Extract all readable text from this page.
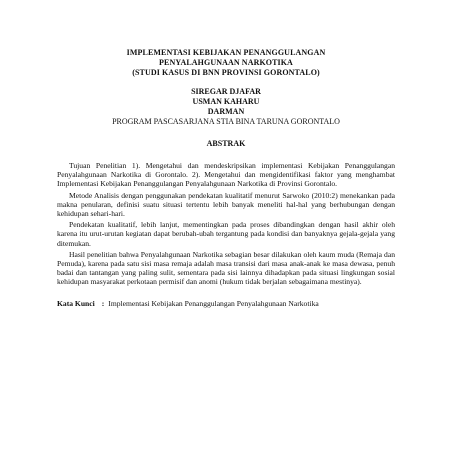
IMPLEMENTASI KEBIJAKAN PENANGGULANGAN
PENYALAHGUNAAN NARKOTIKA
(STUDI KASUS DI BNN PROVINSI GORONTALO)
SIREGAR DJAFAR
USMAN KAHARU
DARMAN
PROGRAM PASCASARJANA STIA BINA TARUNA GORONTALO
ABSTRAK

Tujuan Penelitian 1). Mengetahui dan mendeskripsikan implementasi Kebijakan Penanggulangan Penyalahgunaan Narkotika di Gorontalo. 2). Mengetahui dan mengidentifikasi faktor yang menghambat Implementasi Kebijakan Penanggulangan Penyalahgunaan Narkotika di Provinsi Gorontalo.

Metode Analisis dengan penggunakan pendekatan kualitatif menurut Sarwoko (2010:2) menekankan pada makna penularan, definisi suatu situasi tertentu lebih banyak meneliti hal-hal yang berhubungan dengan kehidupan sehari-hari.

Pendekatan kualitatif, lebih lanjut, mementingkan pada proses dibandingkan dengan hasil akhir oleh karena itu urut-urutan kegiatan dapat berubah-ubah tergantung pada kondisi dan banyaknya gejala-gejala yang ditemukan.

Hasil penelitian bahwa Penyalahgunaan Narkotika sebagian besar dilakukan oleh kaum muda (Remaja dan Pemuda), karena pada satu sisi masa remaja adalah masa transisi dari masa anak-anak ke masa dewasa, penuh badai dan tantangan yang paling sulit, sementara pada sisi lainnya dihadapkan pada situasi lingkungan sosial kehidupan masyarakat perkotaan permisif dan anomi (hukum tidak berjalan sebagaimana mestinya).

Kata Kunci : Implementasi Kebijakan Penanggulangan Penyalahgunaan Narkotika
